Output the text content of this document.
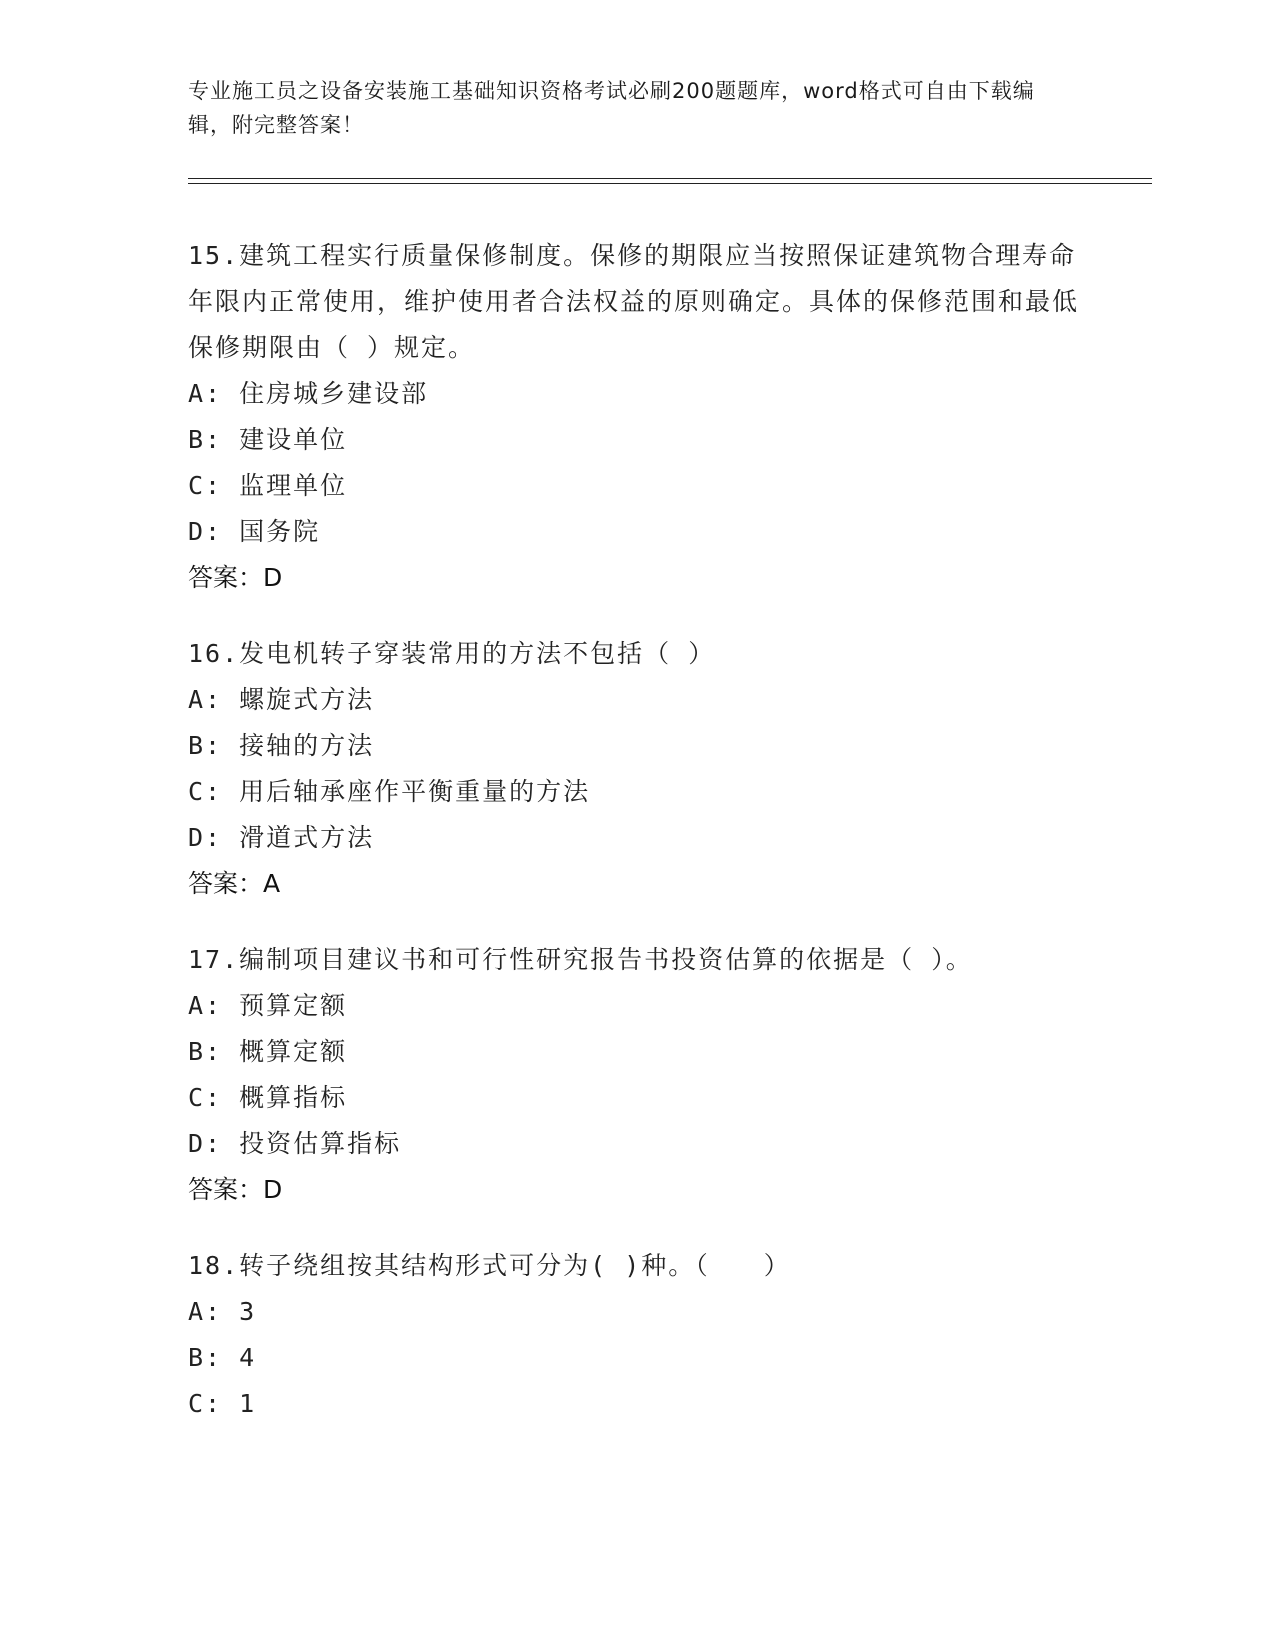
专业施工员之设备安装施工基础知识资格考试必刷200题题库，word格式可自由下载编辑，附完整答案！
15.建筑工程实行质量保修制度。保修的期限应当按照保证建筑物合理寿命年限内正常使用，维护使用者合法权益的原则确定。具体的保修范围和最低保修期限由（ ）规定。
A: 住房城乡建设部
B: 建设单位
C: 监理单位
D: 国务院
答案：D
16.发电机转子穿装常用的方法不包括（ ）
A: 螺旋式方法
B: 接轴的方法
C: 用后轴承座作平衡重量的方法
D: 滑道式方法
答案：A
17.编制项目建议书和可行性研究报告书投资估算的依据是（ ）。
A: 预算定额
B: 概算定额
C: 概算指标
D: 投资估算指标
答案：D
18.转子绕组按其结构形式可分为( )种。（　　）
A: 3
B: 4
C: 1
